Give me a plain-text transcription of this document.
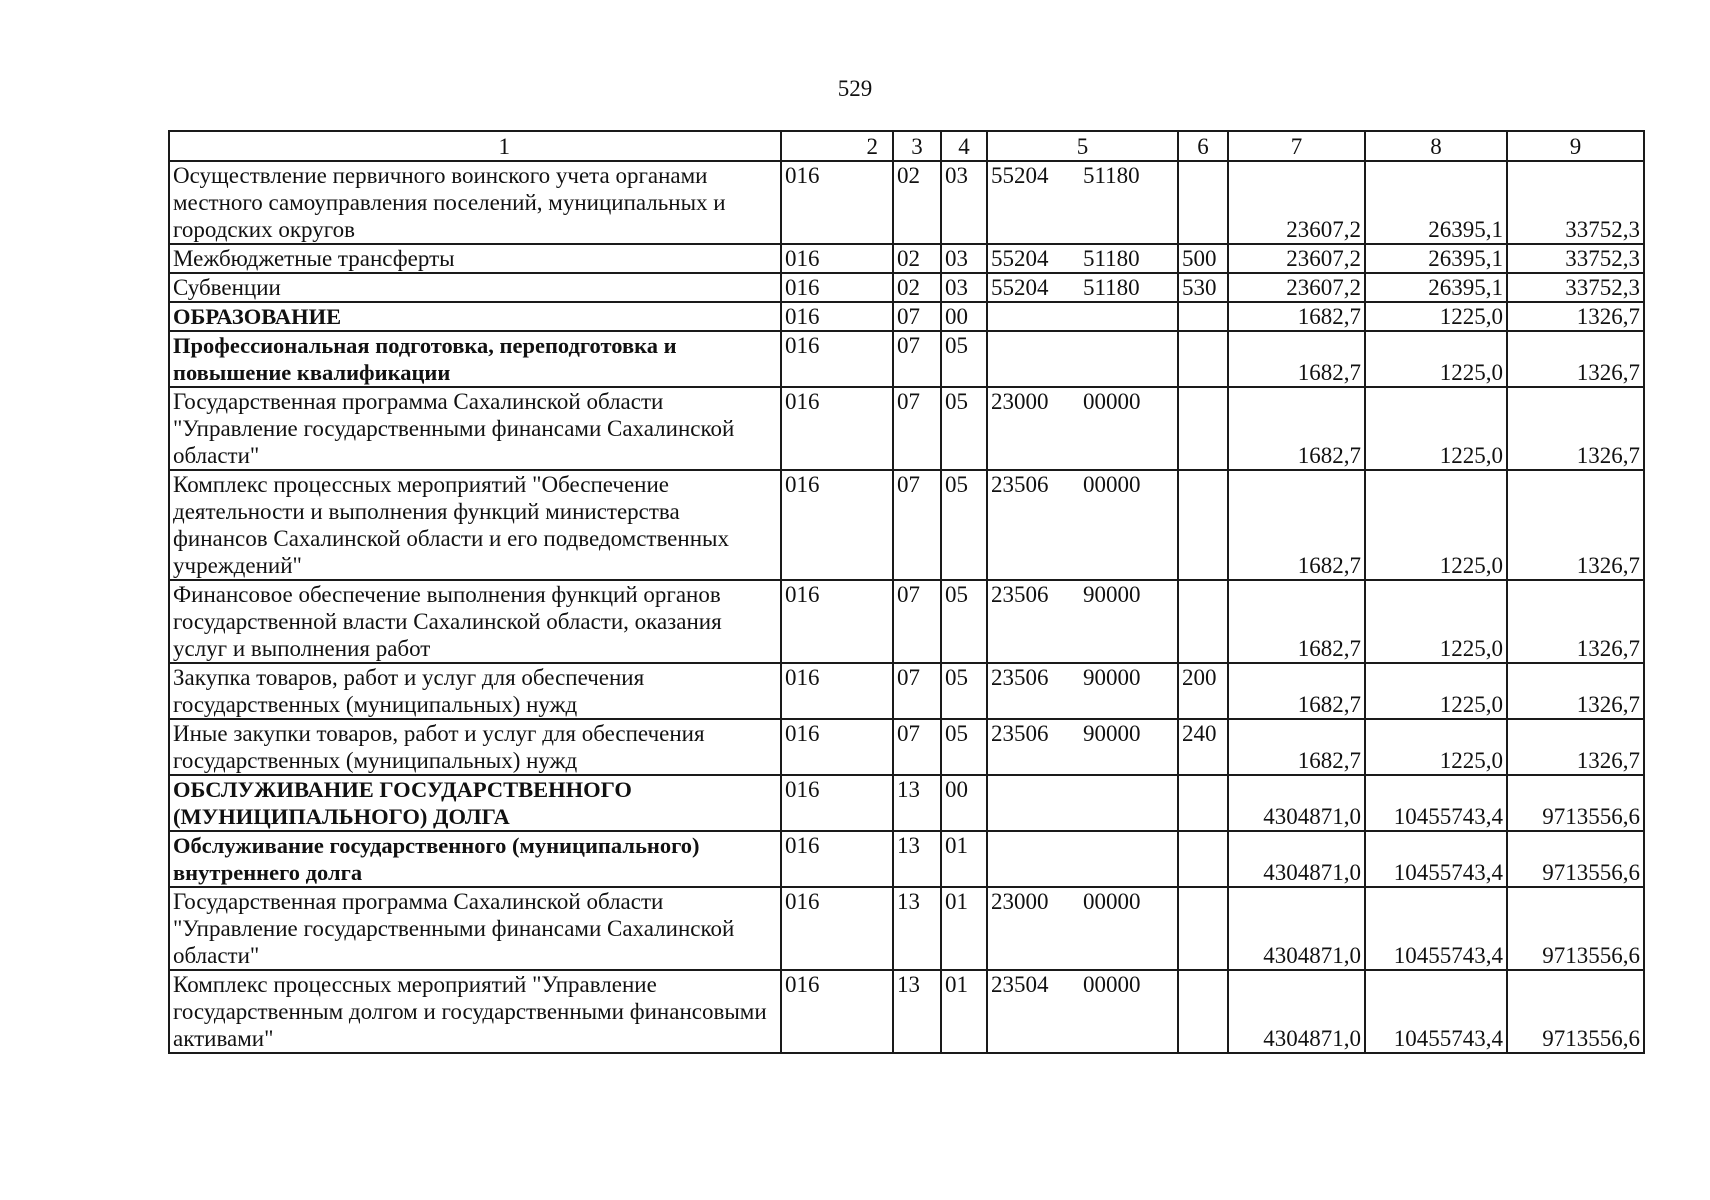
529
1	2	3	4	5	6	7	8	9
Осуществление первичного воинского учета органами местного самоуправления поселений, муниципальных и городских округов	016	02	03	55204 51180		23607,2	26395,1	33752,3
Межбюджетные трансферты	016	02	03	55204 51180	500	23607,2	26395,1	33752,3
Субвенции	016	02	03	55204 51180	530	23607,2	26395,1	33752,3
ОБРАЗОВАНИЕ	016	07	00			1682,7	1225,0	1326,7
Профессиональная подготовка, переподготовка и повышение квалификации	016	07	05			1682,7	1225,0	1326,7
Государственная программа Сахалинской области "Управление государственными финансами Сахалинской области"	016	07	05	23000 00000		1682,7	1225,0	1326,7
Комплекс процессных мероприятий "Обеспечение деятельности и выполнения функций министерства финансов Сахалинской области и его подведомственных учреждений"	016	07	05	23506 00000		1682,7	1225,0	1326,7
Финансовое обеспечение выполнения функций органов государственной власти Сахалинской области, оказания услуг и выполнения работ	016	07	05	23506 90000		1682,7	1225,0	1326,7
Закупка товаров, работ и услуг для обеспечения государственных (муниципальных) нужд	016	07	05	23506 90000	200	1682,7	1225,0	1326,7
Иные закупки товаров, работ и услуг для обеспечения государственных (муниципальных) нужд	016	07	05	23506 90000	240	1682,7	1225,0	1326,7
ОБСЛУЖИВАНИЕ ГОСУДАРСТВЕННОГО (МУНИЦИПАЛЬНОГО) ДОЛГА	016	13	00			4304871,0	10455743,4	9713556,6
Обслуживание государственного (муниципального) внутреннего долга	016	13	01			4304871,0	10455743,4	9713556,6
Государственная программа Сахалинской области "Управление государственными финансами Сахалинской области"	016	13	01	23000 00000		4304871,0	10455743,4	9713556,6
Комплекс процессных мероприятий "Управление государственным долгом и государственными финансовыми активами"	016	13	01	23504 00000		4304871,0	10455743,4	9713556,6
